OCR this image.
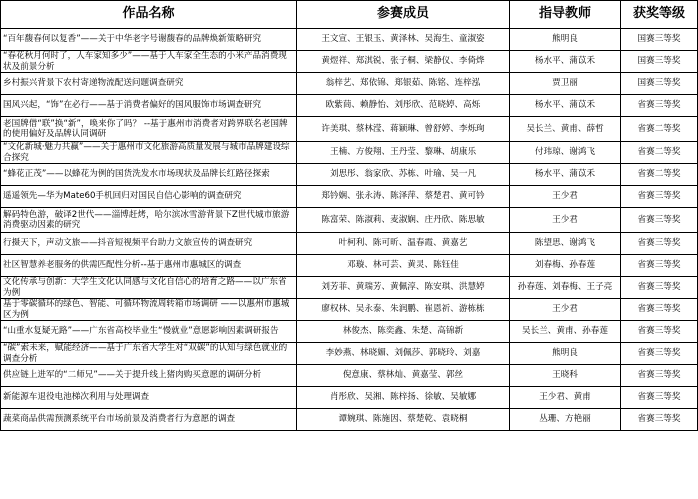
作品名称	参赛成员	指导教师	获奖等级
“百年馥春何以复香”——关于中华老字号谢馥春的品牌焕新策略研究	王文宣、王银玉、黄泽林、吴海生、童淑姿	熊明良	国赛三等奖
“春花秋月何时了，人车家知多少”——基于人车家全生态的小米产品消费现状及前景分析	黄煜祥、郑淇锐、张子桐、梁静仪、李倚烨	杨水平、蒲苡禾	国赛三等奖
乡村振兴背景下农村寄递物流配送问题调查研究	翁梓艺、郑依锦、郑银茹、陈铭、连梓泓	贾卫丽	国赛三等奖
国风兴起，“饰”在必行——基于消费者偏好的国风服饰市场调查研究	欧紫茼、赖静怡、刘彤欣、范晓婷、高烁	杨水平、蒲苡禾	省赛三等奖
老国牌借“联”换“新”，唤来你了吗？ --基于惠州市消费者对跨界联名老国牌的使用偏好及品牌认同调研	许美琪、蔡林滢、蒋颖琳、曾舒婷、李烁珣	吴长兰、黄甫、薛哲	省赛二等奖
“文化新城·魅力共赢”——关于惠州市文化旅游高质量发展与城市品牌建设综合探究	王楠、方俊翔、王丹莹、黎琳、胡康乐	付玮琼、谢鸿飞	省赛二等奖
“蜂花正茂”——以蜂花为例的国货洗发水市场现状及品牌长红路径探索	刘思彤、翁家欣、苏栋、叶瑜、吴一凡	杨水平、蒲苡禾	省赛二等奖
遥遥领先—华为Mate60手机回归对国民自信心影响的调查研究	郑钤娴、张永涛、陈泽萍、蔡楚君、黄可钤	王少君	省赛三等奖
解码特色游，破译2世代——淄博赶烤，哈尔滨冰雪游背景下Z世代城市旅游消费驱动因素的研究	陈富荣、陈淑莉、麦淑娴、庄丹欣、陈思敏	王少君	省赛三等奖
行摄天下，声动文旅——抖音短视频平台助力文旅宣传的调查研究	叶柯利、陈可昕、温春霞、黄嘉艺	陈望思、谢鸿飞	省赛三等奖
社区智慧养老服务的供需匹配性分析--基于惠州市惠城区的调查	邓璇、林可芸、黄灵、陈钰佳	刘春梅、孙春莲	省赛三等奖
文化传承与创新：大学生文化认同感与文化自信心的培育之路——以广东省为例	刘芳菲、黄瑞芳、黄佩淳、陈安琪、洪慧婷	孙春莲、刘春梅、王子亮	省赛三等奖
基于零碳循环的绿色、智能、可循环物流周转箱市场调研 ——以惠州市惠城区为例	廖权林、吴永泰、朱润鹏、崔恩祈、游栋栋	王少君	省赛三等奖
“山重水复疑无路”——广东省高校毕业生“慢就业”意愿影响因素调研报告	林俊杰、陈奕鑫、朱楚、高锦新	吴长兰、黄甫、孙春莲	省赛三等奖
“碳”索未来，赋能经济——基于广东省大学生对“双碳”的认知与绿色就业的调查分析	李妙燕、林晓媚、刘佩莎、郭晓玲、刘嘉	熊明良	省赛三等奖
供应链上进军的“二师兄”——关于提升线上猪肉购买意愿的调研分析	倪意康、蔡林灿、黄嘉莹、郭丝	王晓科	省赛三等奖
新能源车退役电池梯次利用与处理调查	肖彤欣、吴湘、陈梓扬、徐敏、吴敏娜	王少君、黄甫	省赛三等奖
蔬菜商品供需预测系统平台市场前景及消费者行为意愿的调查	谭婉琪、陈施因、蔡楚乾、袁晓桐	丛珊、方艳丽	省赛三等奖
